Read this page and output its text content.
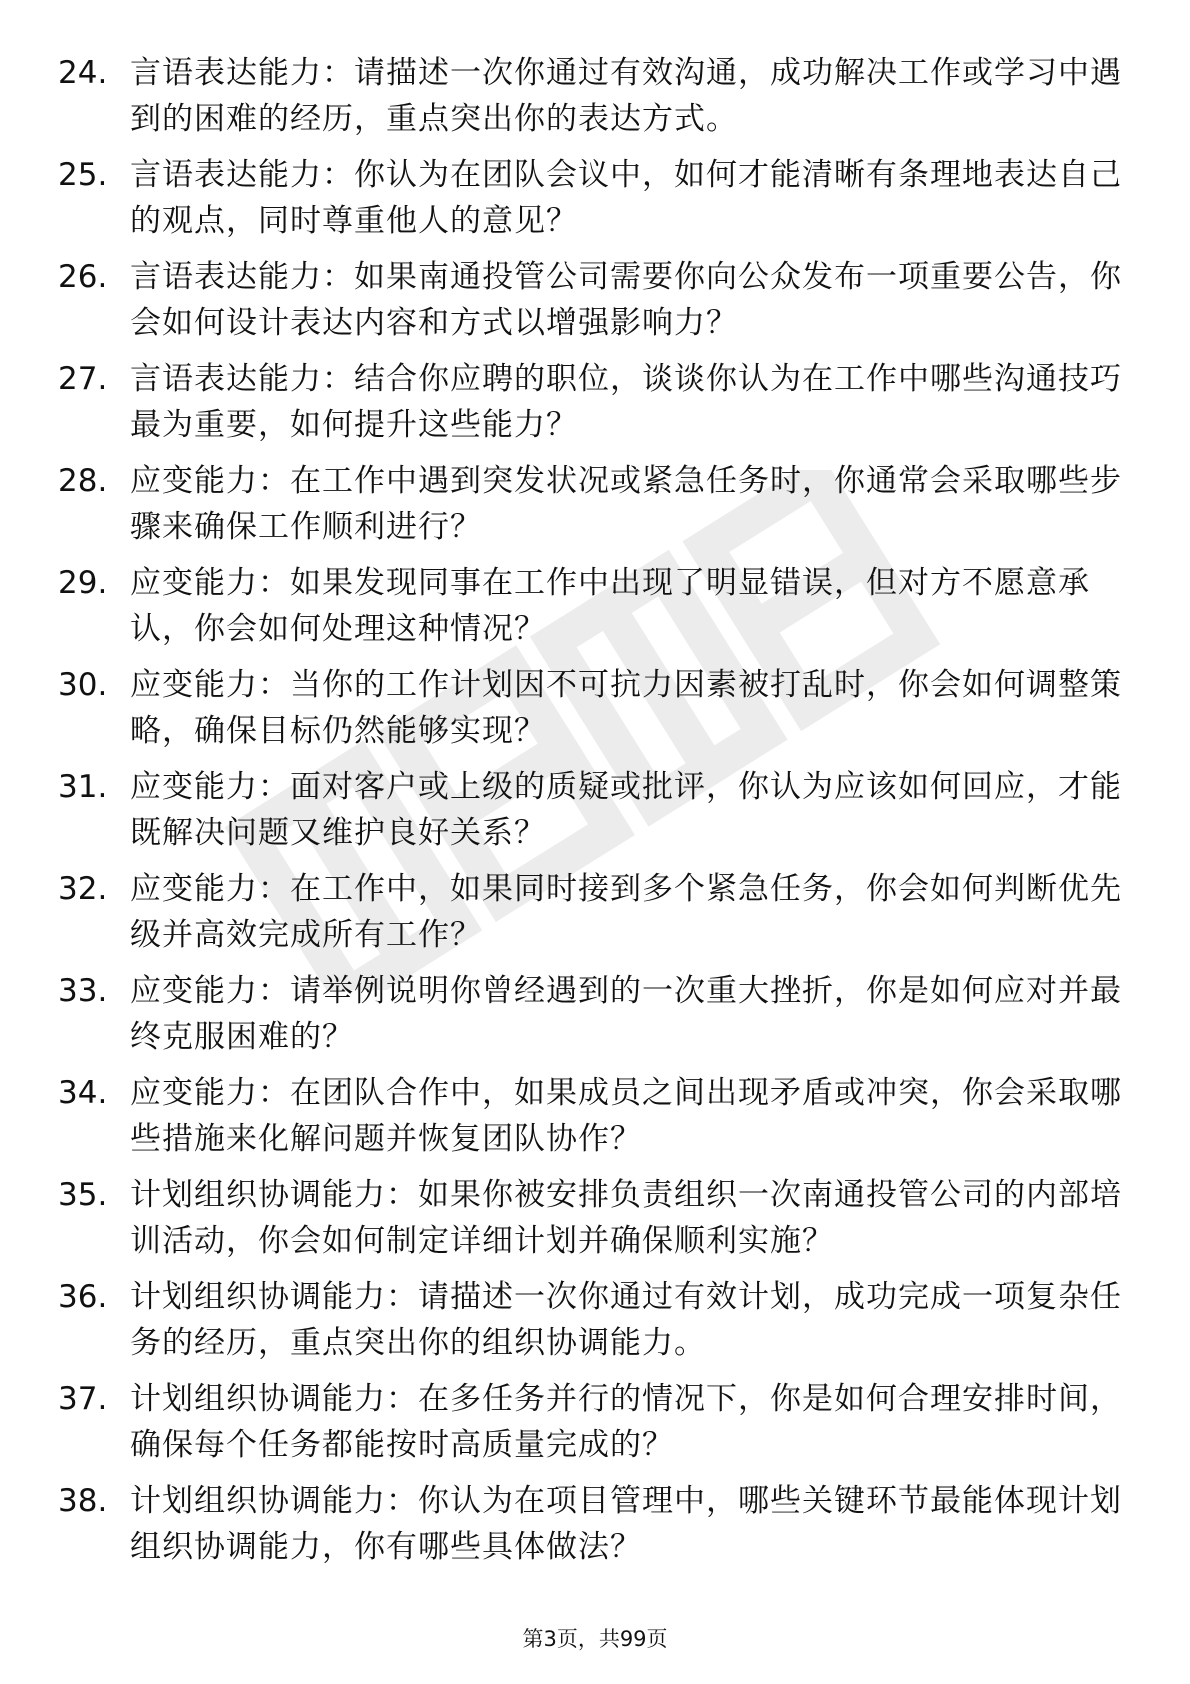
24. 言语表达能力：请描述一次你通过有效沟通，成功解决工作或学习中遇到的困难的经历，重点突出你的表达方式。
25. 言语表达能力：你认为在团队会议中，如何才能清晰有条理地表达自己的观点，同时尊重他人的意见？
26. 言语表达能力：如果南通投管公司需要你向公众发布一项重要公告，你会如何设计表达内容和方式以增强影响力？
27. 言语表达能力：结合你应聘的职位，谈谈你认为在工作中哪些沟通技巧最为重要，如何提升这些能力？
28. 应变能力：在工作中遇到突发状况或紧急任务时，你通常会采取哪些步骤来确保工作顺利进行？
29. 应变能力：如果发现同事在工作中出现了明显错误，但对方不愿意承认，你会如何处理这种情况？
30. 应变能力：当你的工作计划因不可抗力因素被打乱时，你会如何调整策略，确保目标仍然能够实现？
31. 应变能力：面对客户或上级的质疑或批评，你认为应该如何回应，才能既解决问题又维护良好关系？
32. 应变能力：在工作中，如果同时接到多个紧急任务，你会如何判断优先级并高效完成所有工作？
33. 应变能力：请举例说明你曾经遇到的一次重大挫折，你是如何应对并最终克服困难的？
34. 应变能力：在团队合作中，如果成员之间出现矛盾或冲突，你会采取哪些措施来化解问题并恢复团队协作？
35. 计划组织协调能力：如果你被安排负责组织一次南通投管公司的内部培训活动，你会如何制定详细计划并确保顺利实施？
36. 计划组织协调能力：请描述一次你通过有效计划，成功完成一项复杂任务的经历，重点突出你的组织协调能力。
37. 计划组织协调能力：在多任务并行的情况下，你是如何合理安排时间，确保每个任务都能按时高质量完成的？
38. 计划组织协调能力：你认为在项目管理中，哪些关键环节最能体现计划组织协调能力，你有哪些具体做法？
第3页，共99页
